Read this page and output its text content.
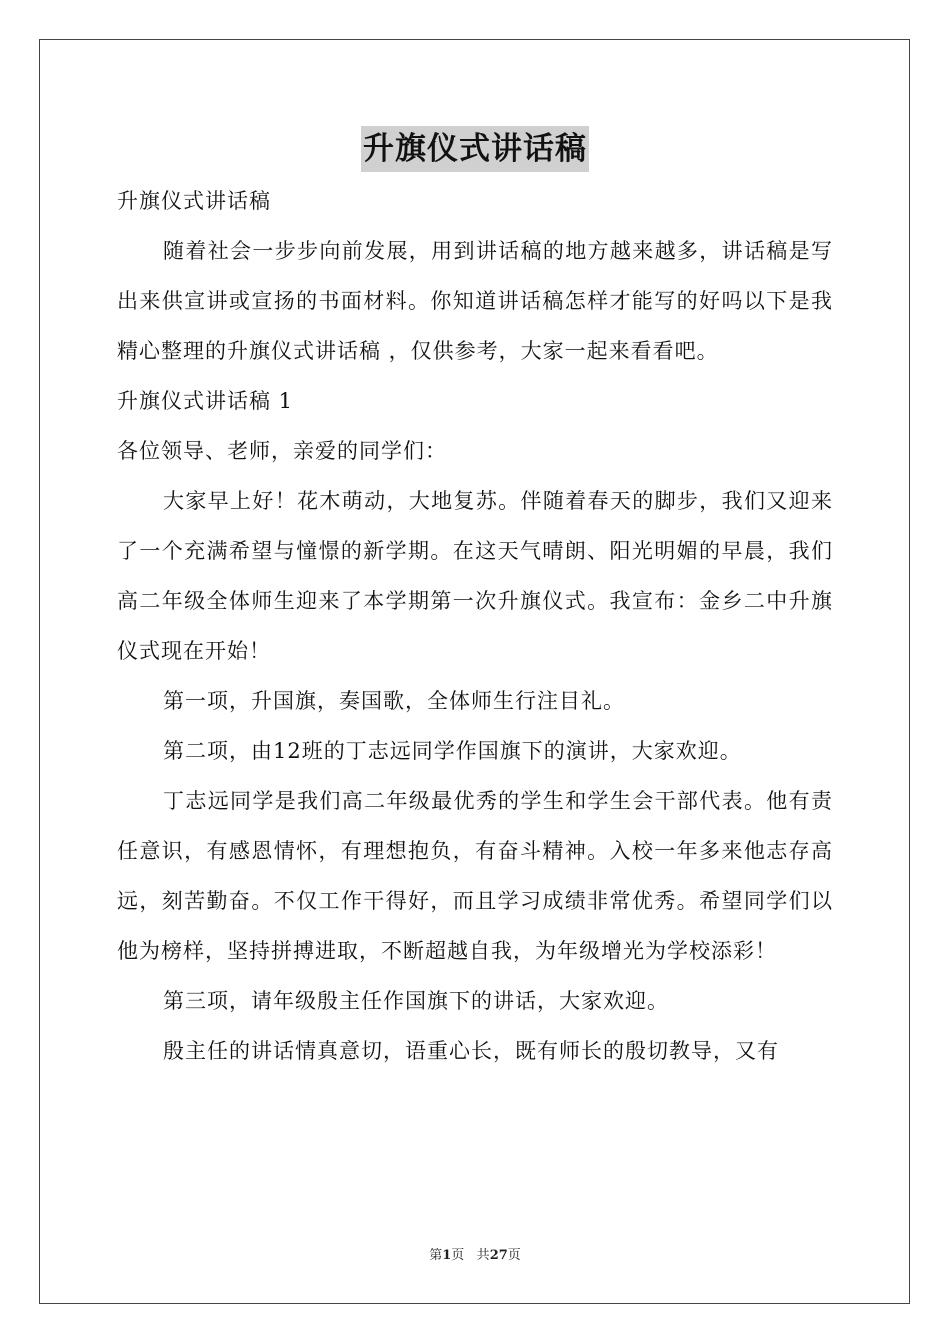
升旗仪式讲话稿

升旗仪式讲话稿

随着社会一步步向前发展，用到讲话稿的地方越来越多，讲话稿是写出来供宣讲或宣扬的书面材料。你知道讲话稿怎样才能写的好吗以下是我精心整理的升旗仪式讲话稿 ，仅供参考，大家一起来看看吧。

升旗仪式讲话稿 1

各位领导、老师，亲爱的同学们：

大家早上好！花木萌动，大地复苏。伴随着春天的脚步，我们又迎来了一个充满希望与憧憬的新学期。在这天气晴朗、阳光明媚的早晨，我们高二年级全体师生迎来了本学期第一次升旗仪式。我宣布：金乡二中升旗仪式现在开始！

第一项，升国旗，奏国歌，全体师生行注目礼。

第二项，由12班的丁志远同学作国旗下的演讲，大家欢迎。

丁志远同学是我们高二年级最优秀的学生和学生会干部代表。他有责任意识，有感恩情怀，有理想抱负，有奋斗精神。入校一年多来他志存高远，刻苦勤奋。不仅工作干得好，而且学习成绩非常优秀。希望同学们以他为榜样，坚持拼搏进取，不断超越自我，为年级增光为学校添彩！

第三项，请年级殷主任作国旗下的讲话，大家欢迎。

殷主任的讲话情真意切，语重心长，既有师长的殷切教导，又有

第1页 共27页
